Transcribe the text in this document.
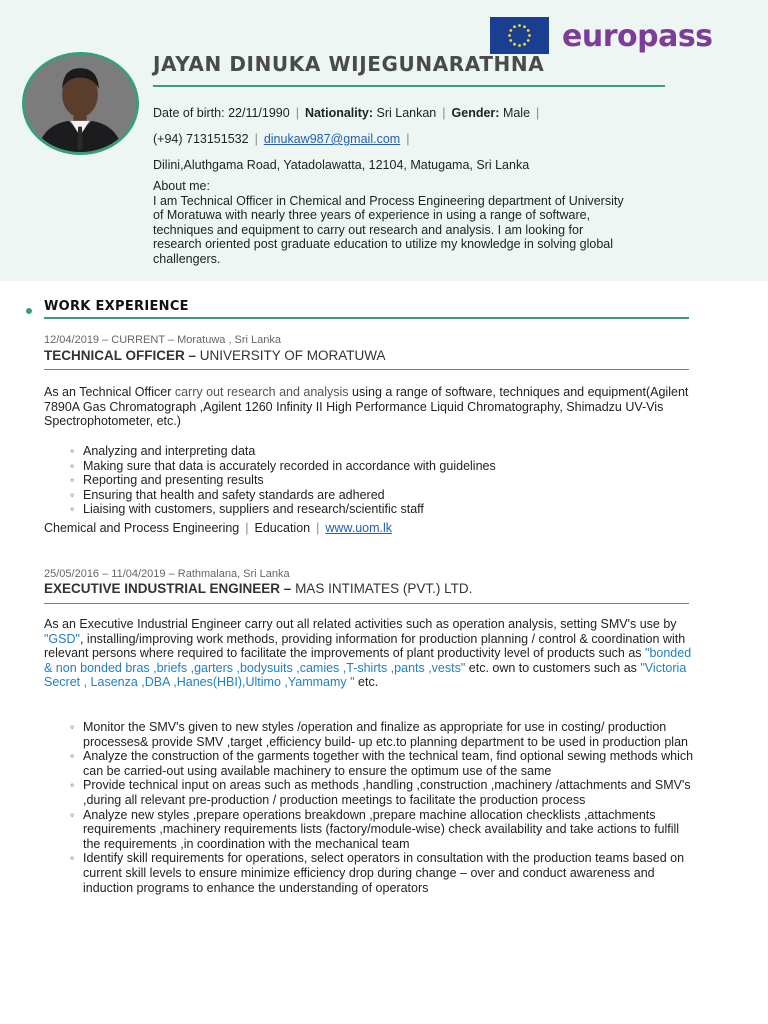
europass
JAYAN DINUKA WIJEGUNARATHNA
Date of birth: 22/11/1990 | Nationality: Sri Lankan | Gender: Male |
(+94) 713151532 | dinukaw987@gmail.com |
Dilini,Aluthgama Road, Yatadolawatta, 12104, Matugama, Sri Lanka
About me:
I am Technical Officer in Chemical and Process Engineering department of University of Moratuwa with nearly three years of experience in using a range of software, techniques and equipment to carry out research and analysis. I am looking for research oriented post graduate education to utilize my knowledge in solving global challengers.
WORK EXPERIENCE
12/04/2019 – CURRENT – Moratuwa , Sri Lanka
TECHNICAL OFFICER – UNIVERSITY OF MORATUWA
As an Technical Officer carry out research and analysis using a range of software, techniques and equipment(Agilent 7890A Gas Chromatograph ,Agilent 1260 Infinity II High Performance Liquid Chromatography, Shimadzu UV-Vis Spectrophotometer, etc.)
◦ Analyzing and interpreting data
◦ Making sure that data is accurately recorded in accordance with guidelines
◦ Reporting and presenting results
◦ Ensuring that health and safety standards are adhered
◦ Liaising with customers, suppliers and research/scientific staff
Chemical and Process Engineering | Education | www.uom.lk
25/05/2016 – 11/04/2019 – Rathmalana, Sri Lanka
EXECUTIVE INDUSTRIAL ENGINEER – MAS INTIMATES (PVT.) LTD.
As an Executive Industrial Engineer carry out all related activities such as operation analysis, setting SMV's use by "GSD", installing/improving work methods, providing information for production planning / control & coordination with relevant persons where required to facilitate the improvements of plant productivity level of products such as "bonded & non bonded bras ,briefs ,garters ,bodysuits ,camies ,T-shirts ,pants ,vests" etc. own to customers such as "Victoria Secret , Lasenza ,DBA ,Hanes(HBI),Ultimo ,Yammamy " etc.
◦ Monitor the SMV's given to new styles /operation and finalize as appropriate for use in costing/ production processes& provide SMV ,target ,efficiency build- up etc.to planning department to be used in production plan
◦ Analyze the construction of the garments together with the technical team, find optional sewing methods which can be carried-out using available machinery to ensure the optimum use of the same
◦ Provide technical input on areas such as methods ,handling ,construction ,machinery /attachments and SMV's ,during all relevant pre-production / production meetings to facilitate the production process
◦ Analyze new styles ,prepare operations breakdown ,prepare machine allocation checklists ,attachments requirements ,machinery requirements lists (factory/module-wise) check availability and take actions to fulfill the requirements ,in coordination with the mechanical team
◦ Identify skill requirements for operations, select operators in consultation with the production teams based on current skill levels to ensure minimize efficiency drop during change – over and conduct awareness and induction programs to enhance the understanding of operators
